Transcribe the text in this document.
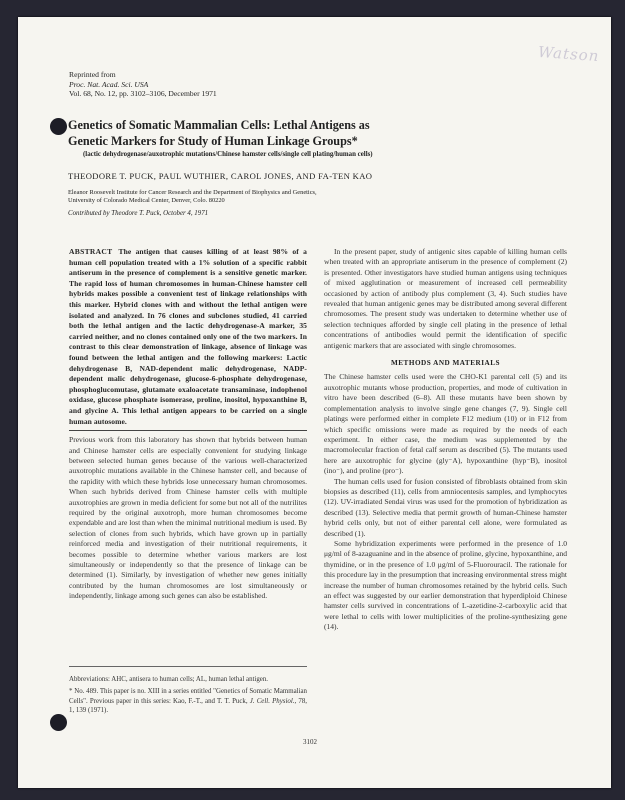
Watson
Reprinted from
Proc. Nat. Acad. Sci. USA
Vol. 68, No. 12, pp. 3102–3106, December 1971
Genetics of Somatic Mammalian Cells: Lethal Antigens as
Genetic Markers for Study of Human Linkage Groups*
(lactic dehydrogenase/auxotrophic mutations/Chinese hamster cells/single cell plating/human cells)
THEODORE T. PUCK, PAUL WUTHIER, CAROL JONES, AND FA-TEN KAO
Eleanor Roosevelt Institute for Cancer Research and the Department of Biophysics and Genetics,
University of Colorado Medical Center, Denver, Colo. 80220
Contributed by Theodore T. Puck, October 4, 1971

ABSTRACT The antigen that causes killing of at least 98% of a human cell population treated with a 1% solution of a specific rabbit antiserum in the presence of complement is a sensitive genetic marker. The rapid loss of human chromosomes in human-Chinese hamster cell hybrids makes possible a convenient test of linkage relationships with this marker. Hybrid clones with and without the lethal antigen were isolated and analyzed. In 76 clones and subclones studied, 41 carried both the lethal antigen and the lactic dehydrogenase-A marker, 35 carried neither, and no clones contained only one of the two markers. In contrast to this clear demonstration of linkage, absence of linkage was found between the lethal antigen and the following markers: Lactic dehydrogenase B, NAD-dependent malic dehydrogenase, NADP-dependent malic dehydrogenase, glucose-6-phosphate dehydrogenase, phosphoglucomutase, glutamate oxaloacetate transaminase, indophenol oxidase, glucose phosphate isomerase, proline, inositol, hypoxanthine B, and glycine A. This lethal antigen appears to be carried on a single human autosome.

Previous work from this laboratory has shown that hybrids between human and Chinese hamster cells are especially convenient for studying linkage between selected human genes because of the various well-characterized auxotrophic mutations available in the Chinese hamster cell, and because of the rapidity with which these hybrids lose unnecessary human chromosomes. When such hybrids derived from Chinese hamster cells with multiple auxotrophies are grown in media deficient for some but not all of the nutrilites required by the original auxotroph, more human chromosomes become expendable and are lost than when the minimal nutritional medium is used. By selection of clones from such hybrids, which have grown up in partially reinforced media and investigation of their nutritional requirements, it becomes possible to determine whether various markers are lost simultaneously or independently so that the presence of linkage can be determined (1). Similarly, by investigation of whether new genes initially contributed by the human chromosomes are lost simultaneously or independently, linkage among such genes can also be established.

In the present paper, study of antigenic sites capable of killing human cells when treated with an appropriate antiserum in the presence of complement (2) is presented. Other investigators have studied human antigens using techniques of mixed agglutination or measurement of increased cell permeability occasioned by action of antibody plus complement (3, 4). Such studies have revealed that human antigenic genes may be distributed among several different chromosomes. The present study was undertaken to determine whether use of selection techniques afforded by single cell plating in the presence of lethal concentrations of antibodies would permit the identification of specific antigenic markers that are associated with single chromosomes.

METHODS AND MATERIALS

The Chinese hamster cells used were the CHO-K1 parental cell (5) and its auxotrophic mutants whose production, properties, and mode of cultivation in vitro have been described (6–8). All these mutants have been shown by complementation analysis to involve single gene changes (7, 9). Single cell platings were performed either in complete F12 medium (10) or in F12 from which specific omissions were made as required by the needs of each experiment. In either case, the medium was supplemented by the macromolecular fraction of fetal calf serum as described (5). The mutants used here are auxotrophic for glycine (gly⁻A), hypoxanthine (hyp⁻B), inositol (ino⁻), and proline (pro⁻).

The human cells used for fusion consisted of fibroblasts obtained from skin biopsies as described (11), cells from amniocentesis samples, and lymphocytes (12). UV-irradiated Sendai virus was used for the promotion of hybridization as described (13). Selective media that permit growth of human-Chinese hamster hybrid cells only, but not of either parental cell alone, were formulated as described (1).

Some hybridization experiments were performed in the presence of 1.0 μg/ml of 8-azaguanine and in the absence of proline, glycine, hypoxanthine, and thymidine, or in the presence of 1.0 μg/ml of 5-Fluorouracil. The rationale for this procedure lay in the presumption that increasing environmental stress might increase the number of human chromosomes retained by the hybrid cells. Such an effect was suggested by our earlier demonstration that hyperdiploid Chinese hamster cells survived in concentrations of L-azetidine-2-carboxylic acid that were lethal to cells with lower multiplicities of the proline-synthesizing gene (14).

Abbreviations: AHC, antisera to human cells; AL, human lethal antigen.

* No. 489. This paper is no. XIII in a series entitled "Genetics of Somatic Mammalian Cells". Previous paper in this series: Kao, F.-T., and T. T. Puck, J. Cell. Physiol., 78, 1, 139 (1971).

3102
